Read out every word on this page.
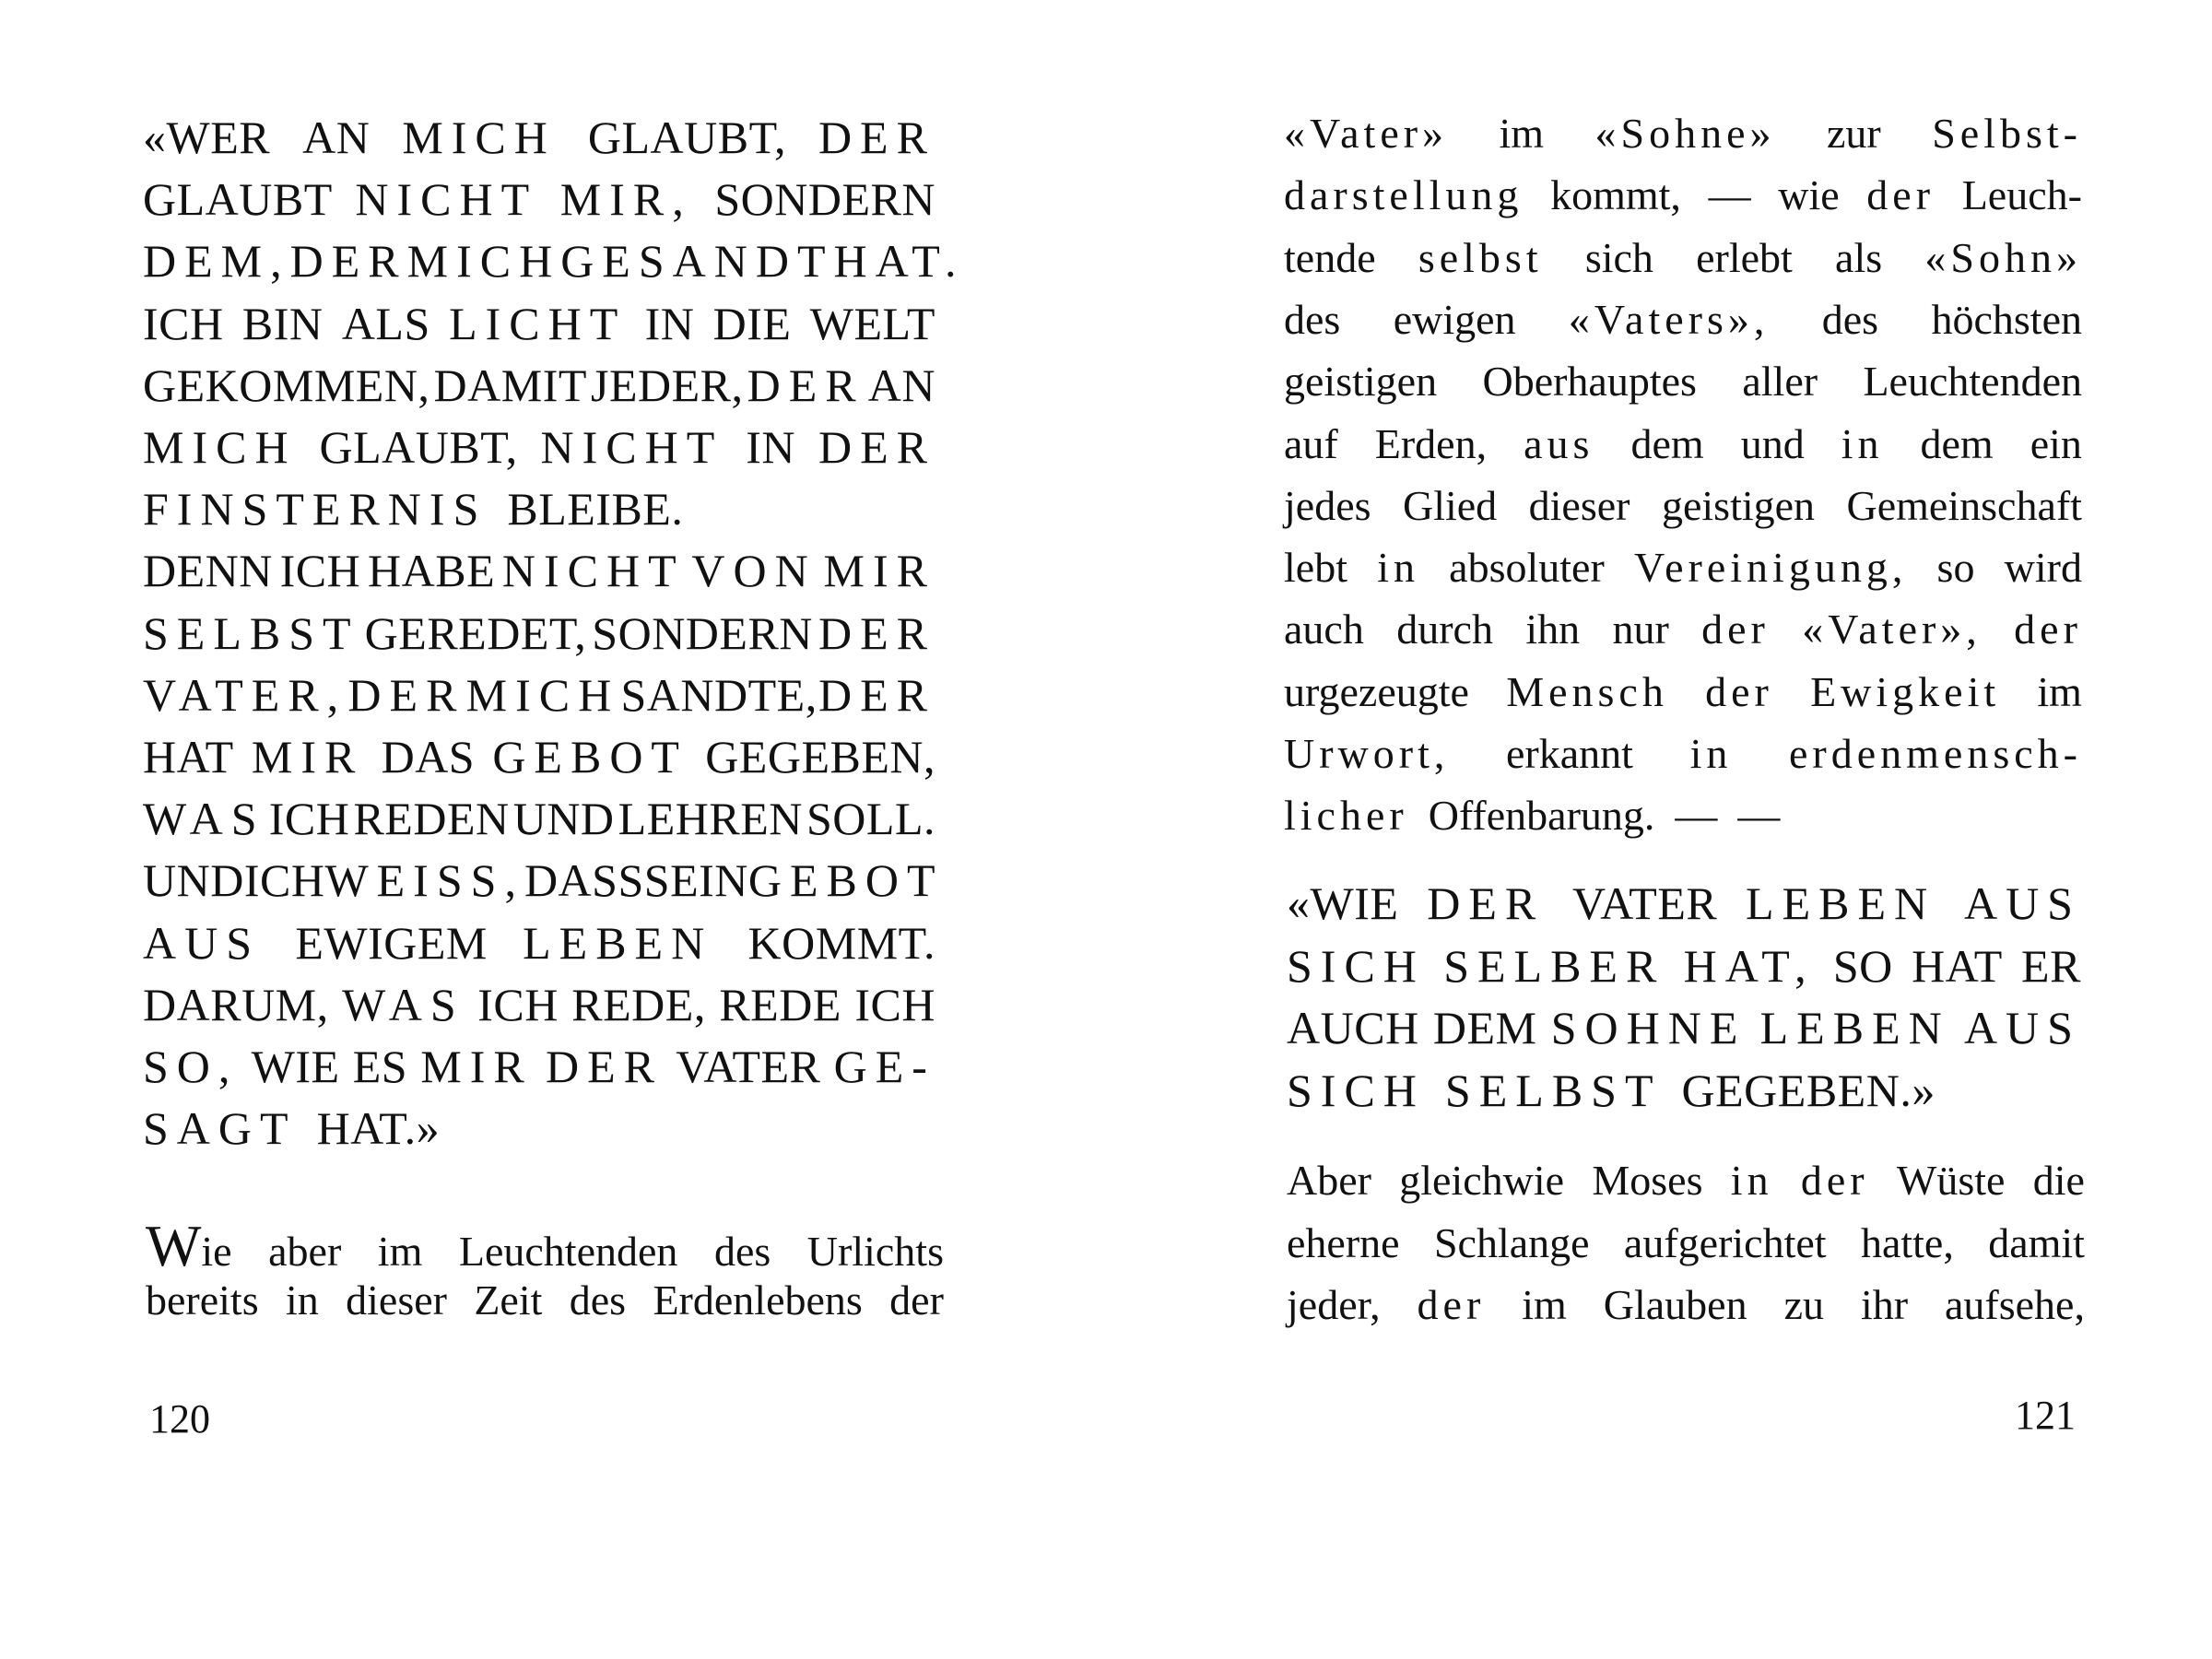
«WER AN MICH GLAUBT, DER
GLAUBT NICHT MIR, SONDERN
DEM, DER MICH GESANDT HAT.
ICH BIN ALS LICHT IN DIE WELT
GEKOMMEN, DAMIT JEDER, DER AN
MICH GLAUBT, NICHT IN DER
FINSTERNIS BLEIBE.
DENN ICH HABE NICHT VON MIR
SELBST GEREDET, SONDERN DER
VATER, DER MICH SANDTE, DER
HAT MIR DAS GEBOT GEGEBEN,
WAS ICH REDEN UND LEHREN SOLL.
UND ICH WEISS, DASS SEIN GEBOT
AUS EWIGEM LEBEN KOMMT.
DARUM, WAS ICH REDE, REDE ICH
SO, WIE ES MIR DER VATER GE-
SAGT HAT.»
Wie aber im Leuchtenden des Urlichts
bereits in dieser Zeit des Erdenlebens der
120
«Vater» im «Sohne» zur Selbst-
darstellung kommt, — wie der Leuch-
tende selbst sich erlebt als «Sohn»
des ewigen «Vaters», des höchsten
geistigen Oberhauptes aller Leuchtenden
auf Erden, aus dem und in dem ein
jedes Glied dieser geistigen Gemeinschaft
lebt in absoluter Vereinigung, so wird
auch durch ihn nur der «Vater», der
urgezeugte Mensch der Ewigkeit im
Urwort, erkannt in erdenmensch-
licher Offenbarung. — —
«WIE DER VATER LEBEN AUS
SICH SELBER HAT, SO HAT ER
AUCH DEM SOHNE LEBEN AUS
SICH SELBST GEGEBEN.»
Aber gleichwie Moses in der Wüste die
eherne Schlange aufgerichtet hatte, damit
jeder, der im Glauben zu ihr aufsehe,
121
